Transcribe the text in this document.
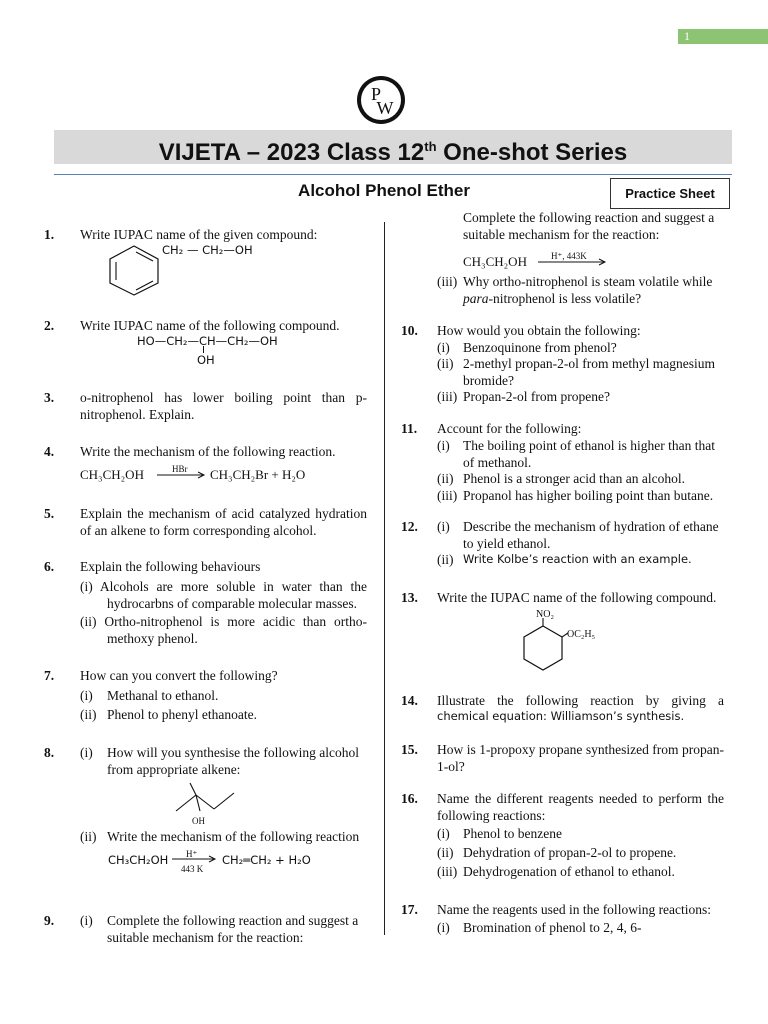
1
P
W
VIJETA – 2023 Class 12th One-shot Series
Alcohol Phenol Ether	Practice Sheet
1. Write IUPAC name of the given compound:
CH₂ — CH₂—OH
2. Write IUPAC name of the following compound.
HO—CH₂—CH—CH₂—OH
OH
3. o-nitrophenol has lower boiling point than p-nitrophenol. Explain.
4. Write the mechanism of the following reaction.
CH₃CH₂OH	HBr CH₃CH₂Br + H₂O
5. Explain the mechanism of acid catalyzed hydration of an alkene to form corresponding alcohol.
6. Explain the following behaviours
(i) Alcohols are more soluble in water than the hydrocarbns of comparable molecular masses.
(ii) Ortho-nitrophenol is more acidic than ortho-methoxy phenol.
7. How can you convert the following?
(i) Methanal to ethanol.
(ii) Phenol to phenyl ethanoate.
8. (i) How will you synthesise the following alcohol from appropriate alkene:
OH
(ii) Write the mechanism of the following reaction
CH₃CH₂OH H⁺
443 K
CH₂═CH₂ + H₂O
9. (i) Complete the following reaction and suggest a suitable mechanism for the reaction:
Complete the following reaction and suggest a suitable mechanism for the reaction:
CH₃CH₂OH	H⁺, 443K
(iii) Why ortho-nitrophenol is steam volatile while para-nitrophenol is less volatile?
10. How would you obtain the following:
(i) Benzoquinone from phenol?
(ii) 2-methyl propan-2-ol from methyl magnesium bromide?
(iii) Propan-2-ol from propene?
11. Account for the following:
(i) The boiling point of ethanol is higher than that of methanol.
(ii) Phenol is a stronger acid than an alcohol.
(iii) Propanol has higher boiling point than butane.
12. (i) Describe the mechanism of hydration of ethane to yield ethanol.
(ii) Write Kolbe’s reaction with an example.
13. Write the IUPAC name of the following compound.
NO₂
OC₂H₅
14. Illustrate the following reaction by giving a
chemical equation: Williamson’s synthesis.
15. How is 1-propoxy propane synthesized from propan-1-ol?
16. Name the different reagents needed to perform the following reactions:
(i) Phenol to benzene
(ii) Dehydration of propan-2-ol to propene.
(iii) Dehydrogenation of ethanol to ethanol.
17. Name the reagents used in the following reactions:
(i) Bromination of phenol to 2, 4, 6-
